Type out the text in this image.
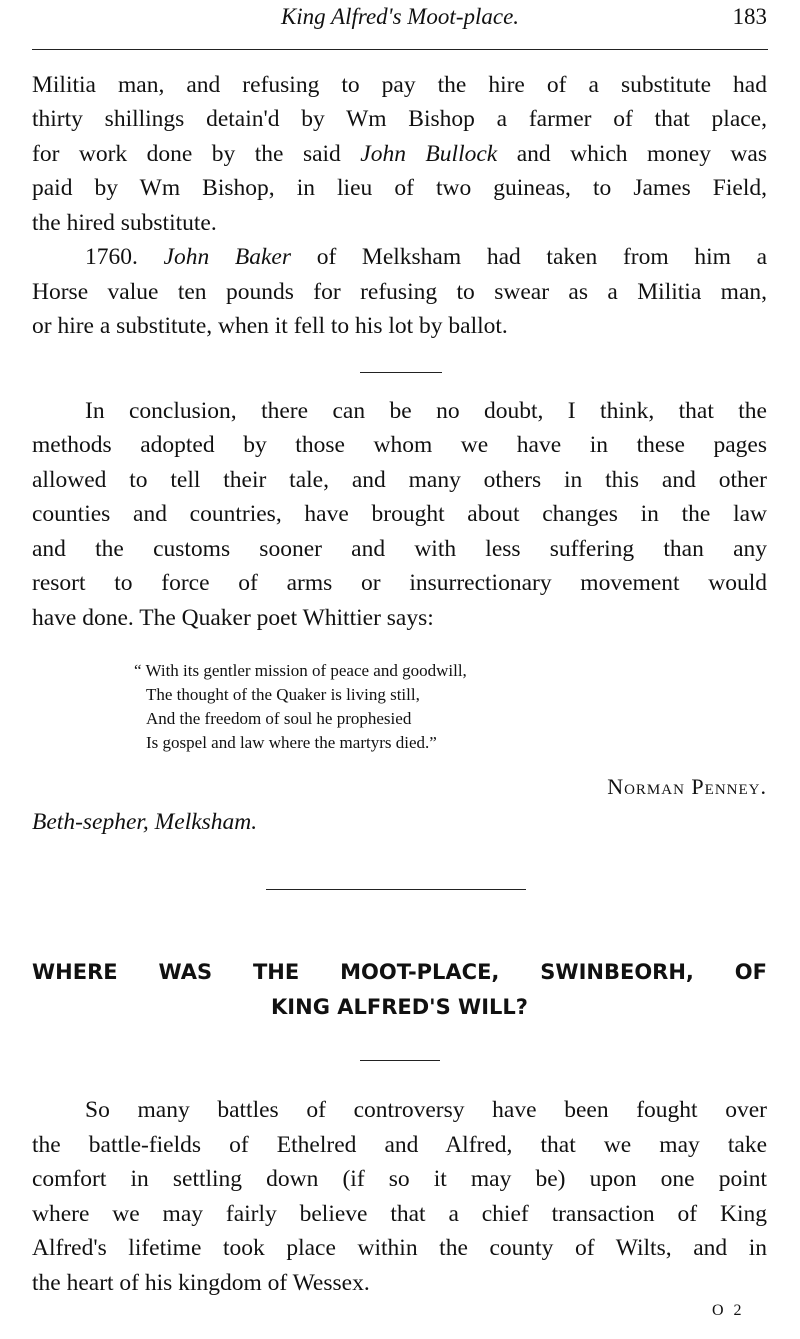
King Alfred's Moot-place.	183
Militia man, and refusing to pay the hire of a substitute had
thirty shillings detain'd by Wm Bishop a farmer of that place,
for work done by the said John Bullock and which money was
paid by Wm Bishop, in lieu of two guineas, to James Field,
the hired substitute.
1760. John Baker of Melksham had taken from him a
Horse value ten pounds for refusing to swear as a Militia man,
or hire a substitute, when it fell to his lot by ballot.
In conclusion, there can be no doubt, I think, that the
methods adopted by those whom we have in these pages
allowed to tell their tale, and many others in this and other
counties and countries, have brought about changes in the law
and the customs sooner and with less suffering than any
resort to force of arms or insurrectionary movement would
have done. The Quaker poet Whittier says:
“ With its gentler mission of peace and goodwill,
The thought of the Quaker is living still,
And the freedom of soul he prophesied
Is gospel and law where the martyrs died.”
Norman Penney.
Beth-sepher, Melksham.
WHERE WAS THE MOOT-PLACE, SWINBEORH, OF
KING ALFRED'S WILL?
So many battles of controversy have been fought over
the battle-fields of Ethelred and Alfred, that we may take
comfort in settling down (if so it may be) upon one point
where we may fairly believe that a chief transaction of King
Alfred's lifetime took place within the county of Wilts, and in
the heart of his kingdom of Wessex.
O 2
